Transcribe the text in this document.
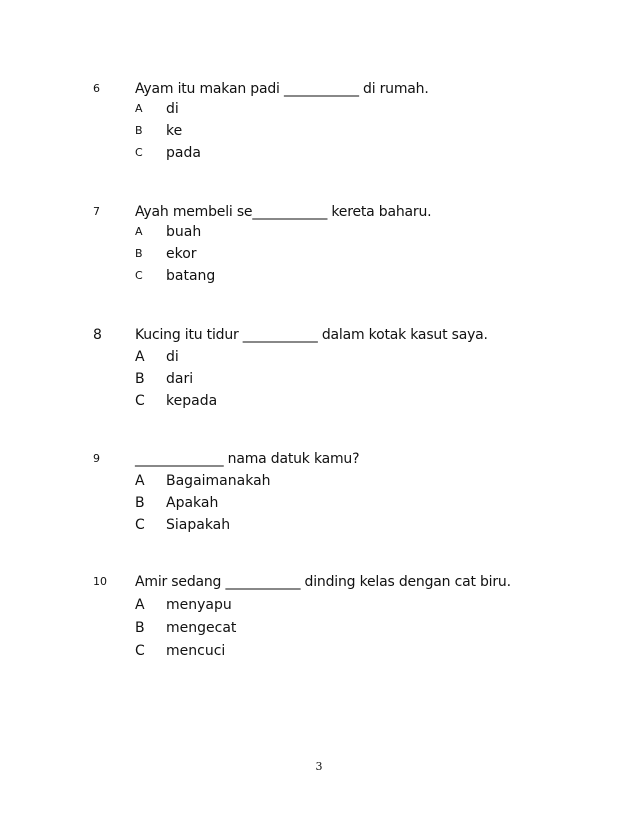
6	Ayam itu makan padi ___________ di rumah.
A di
B ke
C pada
7	Ayah membeli se___________ kereta baharu.
A buah
B ekor
C batang
8 Kucing itu tidur ___________ dalam kotak kasut saya.
A di
B dari
C kepada
9	_____________ nama datuk kamu?
A Bagaimanakah
B Apakah
C Siapakah
10 Amir sedang ___________ dinding kelas dengan cat biru.
A menyapu
B mengecat
C mencuci
3
